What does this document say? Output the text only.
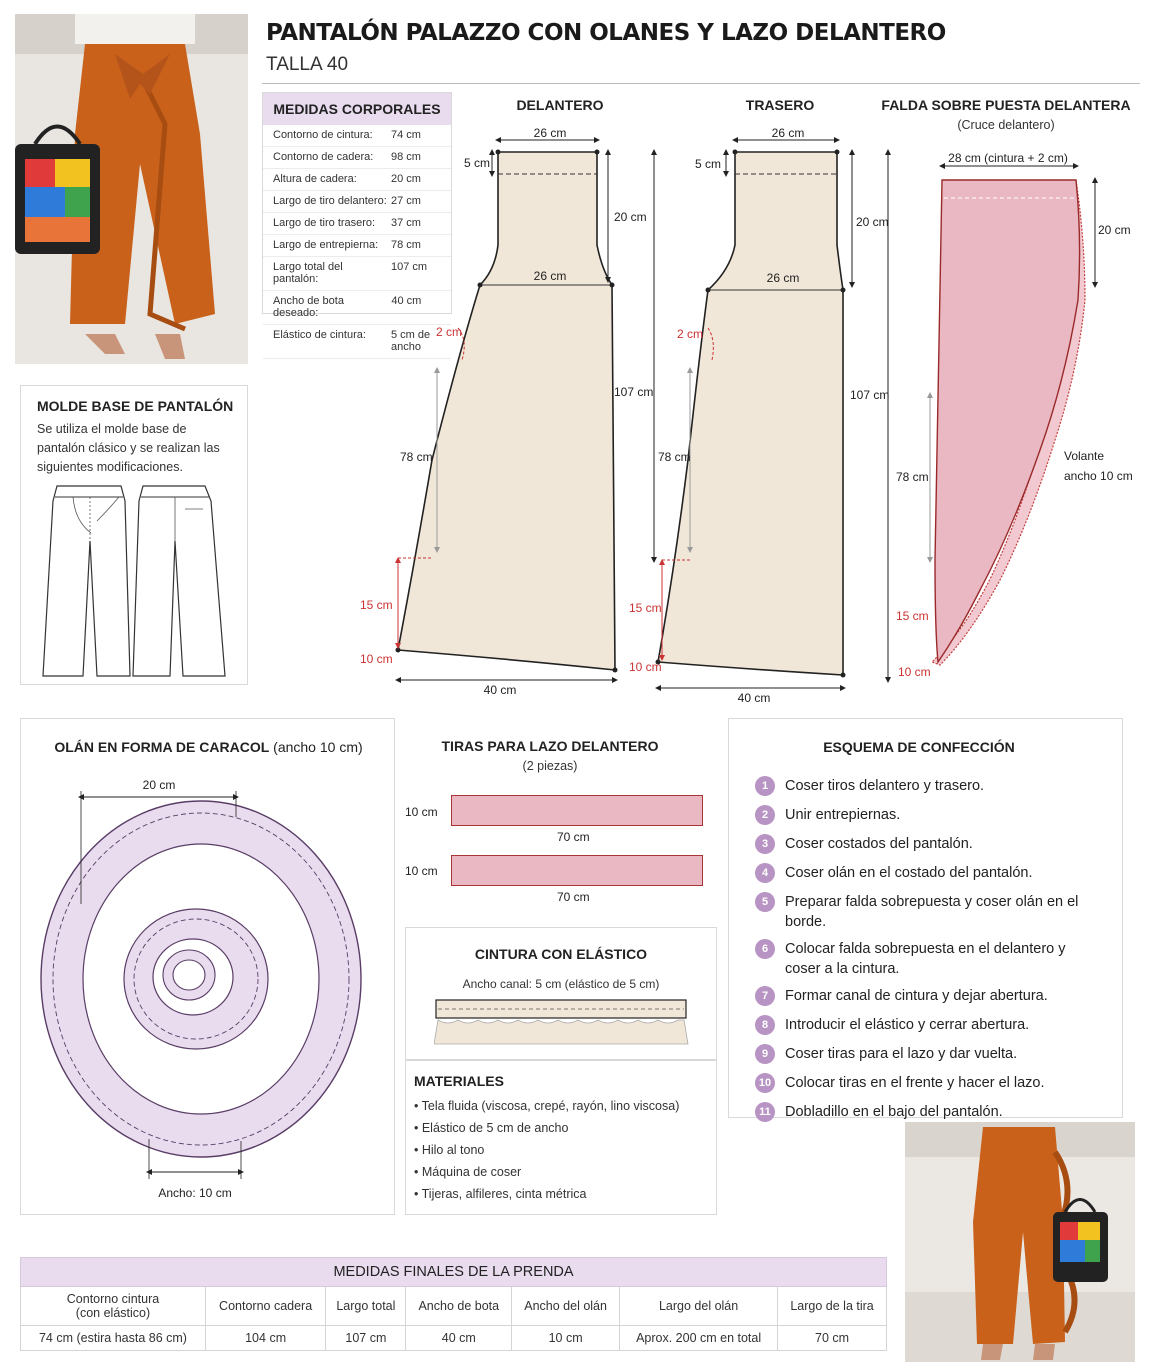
PANTALÓN PALAZZO CON OLANES Y LAZO DELANTERO
TALLA 40
MEDIDAS CORPORALES
Contorno de cintura: 74 cm
Contorno de cadera: 98 cm
Altura de cadera:	20 cm
Largo de tiro delantero: 27 cm
Largo de tiro trasero: 37 cm
Largo de entrepierna: 78 cm
Largo total del pantalón:
107 cm
Ancho de bota deseado:
40 cm
Elástico de cintura: 5 cm de ancho
MOLDE BASE DE PANTALÓN
Se utiliza el molde base de pantalón clásico y se realizan las siguientes modificaciones.
DELANTERO
26 cm
5 cm
20 cm
26 cm
107 cm
2 cm
78 cm
15 cm
10 cm
40 cm
TRASERO
26 cm
5 cm
20 cm
26 cm
107 cm
2 cm
78 cm
15 cm
10 cm
40 cm
FALDA SOBRE PUESTA DELANTERA
(Cruce delantero)
28 cm (cintura + 2 cm)
20 cm
78 cm
15 cm
10 cm
Volante
ancho 10 cm
OLÁN EN FORMA DE CARACOL (ancho 10 cm)
20 cm
Ancho: 10 cm
TIRAS PARA LAZO DELANTERO
(2 piezas)
10 cm
70 cm
10 cm
70 cm
CINTURA CON ELÁSTICO
Ancho canal: 5 cm (elástico de 5 cm)
MATERIALES
• Tela fluida (viscosa, crepé, rayón, lino viscosa)
• Elástico de 5 cm de ancho
• Hilo al tono
• Máquina de coser
• Tijeras, alfileres, cinta métrica
ESQUEMA DE CONFECCIÓN
1	Coser tiros delantero y trasero.
2	Unir entrepiernas.
3	Coser costados del pantalón.
4	Coser olán en el costado del pantalón.
5	Preparar falda sobrepuesta y coser olán en el borde.
6	Colocar falda sobrepuesta en el delantero y coser a la cintura.
7	Formar canal de cintura y dejar abertura.
8	Introducir el elástico y cerrar abertura.
9	Coser tiras para el lazo y dar vuelta.
10 Colocar tiras en el frente y hacer el lazo.
11 Dobladillo en el bajo del pantalón.
MEDIDAS FINALES DE LA PRENDA						

Contorno cintura
(con elástico)	Contorno cadera	Largo total	Ancho de bota	Ancho del olán	Largo del olán	Largo de la tira

74 cm (estira hasta 86 cm)	104 cm	107 cm	40 cm	10 cm	Aprox. 200 cm en total	70 cm
